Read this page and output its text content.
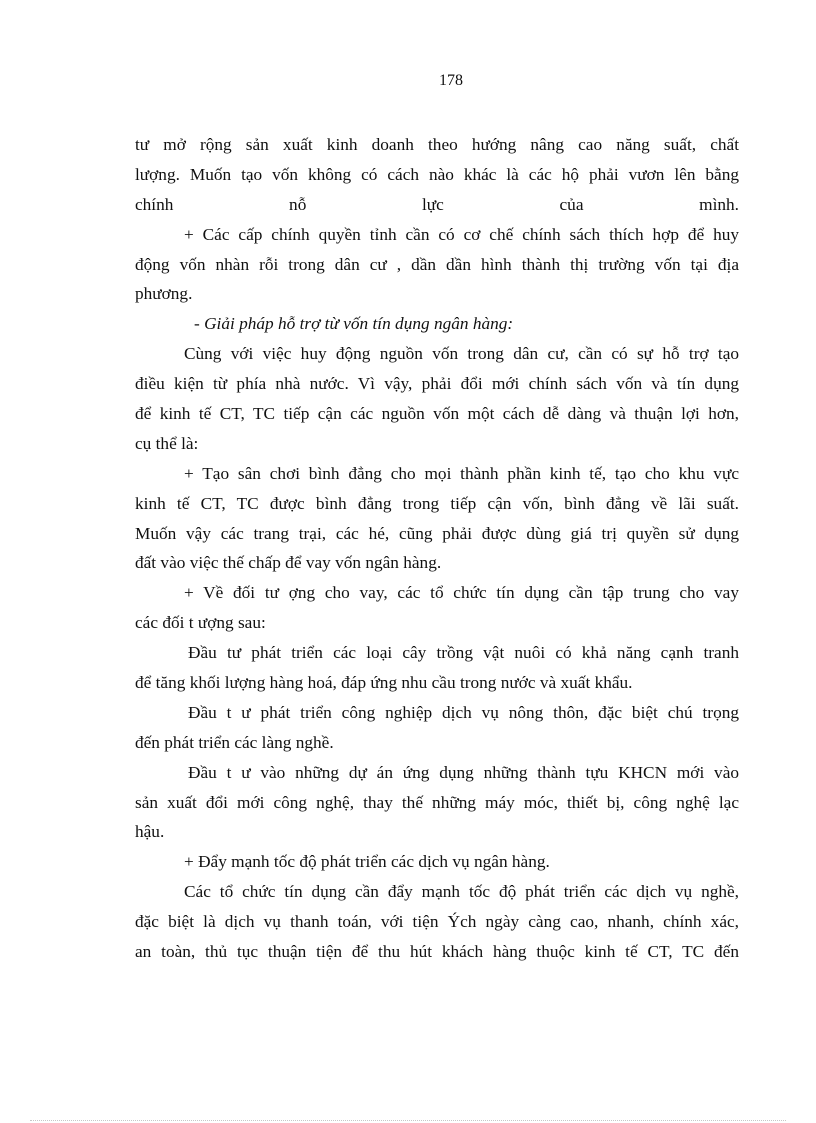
178
tư mở rộng sản xuất kinh doanh theo hướng nâng cao năng suất, chất
lượng. Muốn tạo vốn không có cách nào khác là các hộ phải vươn lên bằng
chính nỗ lực của mình.
+ Các cấp chính quyền tỉnh cần có cơ chế chính sách thích hợp để huy
động vốn nhàn rỗi trong dân cư , dần dần hình thành thị trường vốn tại địa
phương.
- Giải pháp hỗ trợ từ vốn tín dụng ngân hàng:
Cùng với việc huy động nguồn vốn trong dân cư, cần có sự hỗ trợ tạo
điều kiện từ phía nhà nước. Vì vậy, phải đổi mới chính sách vốn và tín dụng
để kinh tế CT, TC tiếp cận các nguồn vốn một cách dễ dàng và thuận lợi hơn,
cụ thể là:
+ Tạo sân chơi bình đẳng cho mọi thành phần kinh tế, tạo cho khu vực
kinh tế CT, TC được bình đẳng trong tiếp cận vốn, bình đẳng về lãi suất.
Muốn vậy các trang trại, các hé, cũng phải được dùng giá trị quyền sử dụng
đất vào việc thế chấp để vay vốn ngân hàng.
+ Về đối tư ợng cho vay, các tổ chức tín dụng cần tập trung cho vay
các đối t ượng sau:
Đầu tư phát triển các loại cây trồng vật nuôi có khả năng cạnh tranh
để tăng khối lượng hàng hoá, đáp ứng nhu cầu trong nước và xuất khẩu.
Đầu t ư phát triển công nghiệp dịch vụ nông thôn, đặc biệt chú trọng
đến phát triển các làng nghề.
Đầu t ư vào những dự án ứng dụng những thành tựu KHCN mới vào
sản xuất đổi mới công nghệ, thay thế những máy móc, thiết bị, công nghệ lạc
hậu.
+ Đẩy mạnh tốc độ phát triển các dịch vụ ngân hàng.
Các tổ chức tín dụng cần đẩy mạnh tốc độ phát triển các dịch vụ nghề,
đặc biệt là dịch vụ thanh toán, với tiện Ých ngày càng cao, nhanh, chính xác,
an toàn, thủ tục thuận tiện để thu hút khách hàng thuộc kinh tế CT, TC đến
